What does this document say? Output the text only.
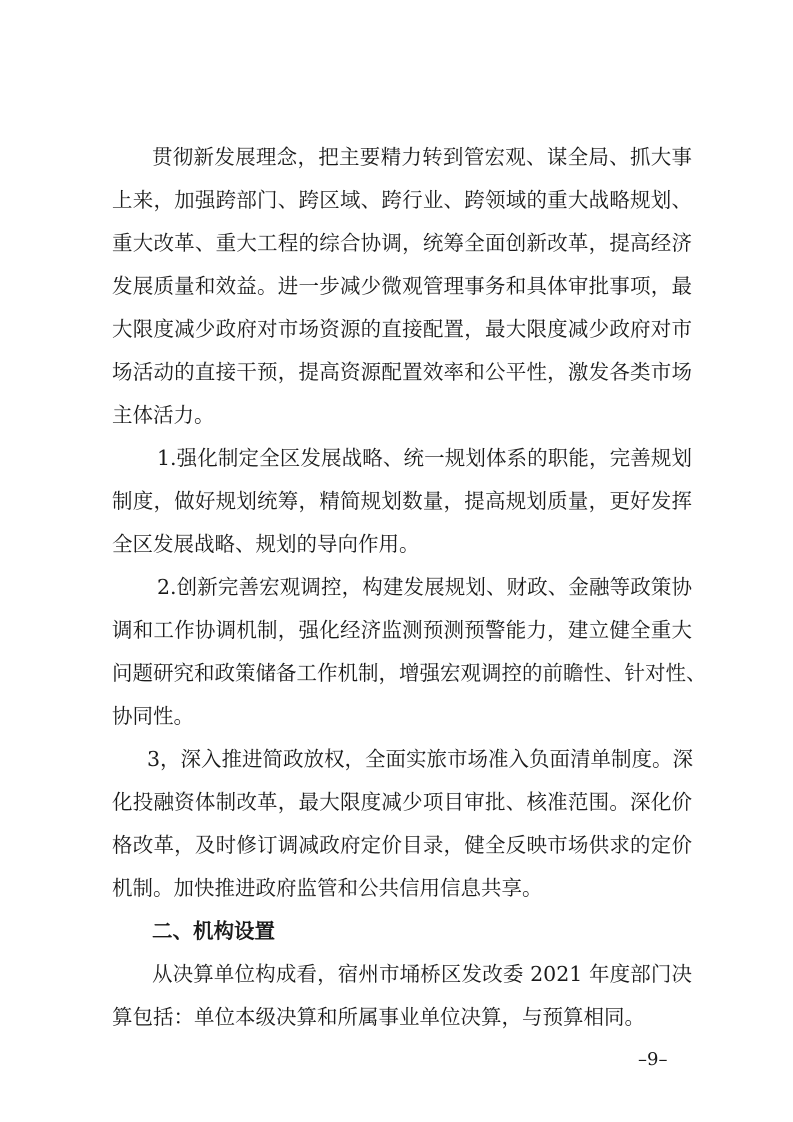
贯彻新发展理念，把主要精力转到管宏观、谋全局、抓大事
上来，加强跨部门、跨区域、跨行业、跨领域的重大战略规划、
重大改革、重大工程的综合协调，统筹全面创新改革，提高经济
发展质量和效益。进一步减少微观管理事务和具体审批事项，最
大限度减少政府对市场资源的直接配置，最大限度减少政府对市
场活动的直接干预，提高资源配置效率和公平性，激发各类市场
主体活力。
1.强化制定全区发展战略、统一规划体系的职能，完善规划
制度，做好规划统筹，精简规划数量，提高规划质量，更好发挥
全区发展战略、规划的导向作用。
2.创新完善宏观调控，构建发展规划、财政、金融等政策协
调和工作协调机制，强化经济监测预测预警能力，建立健全重大
问题研究和政策储备工作机制，增强宏观调控的前瞻性、针对性、
协同性。
3，深入推进简政放权，全面实旅市场准入负面清单制度。深
化投融资体制改革，最大限度减少项目审批、核准范围。深化价
格改革，及时修订调减政府定价目录，健全反映市场供求的定价
机制。加快推进政府监管和公共信用信息共享。
二、机构设置
从决算单位构成看，宿州市埇桥区发改委 2021 年度部门决
算包括：单位本级决算和所属事业单位决算，与预算相同。
–9–
